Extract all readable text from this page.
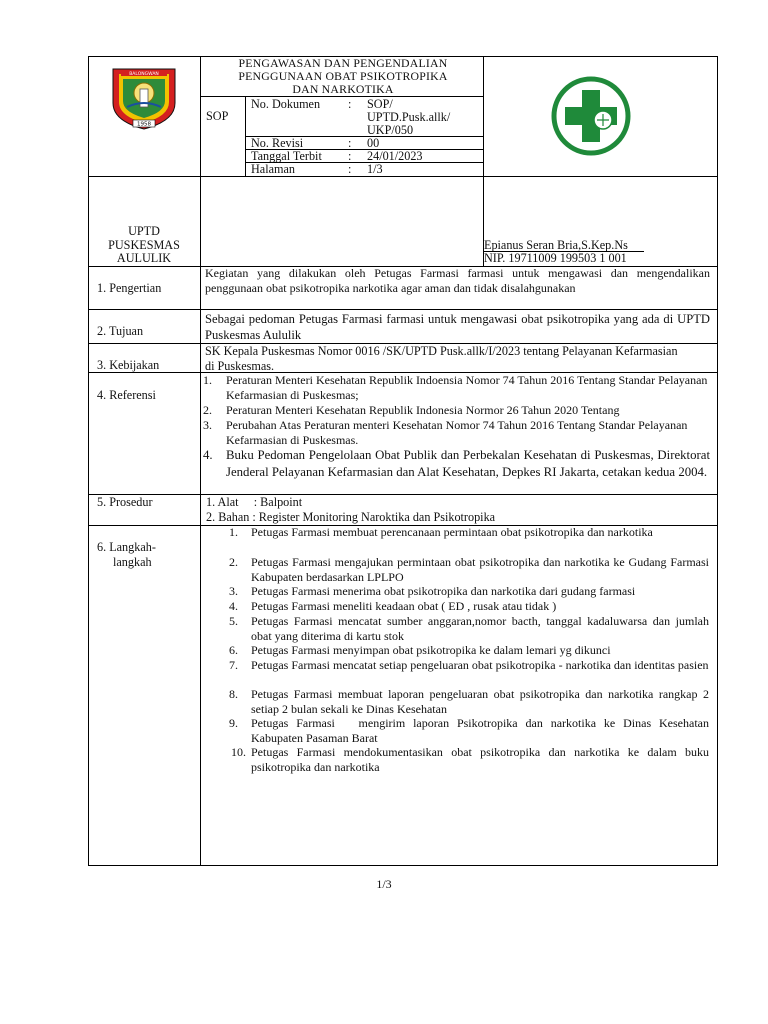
BALONGWAN
1958
PENGAWASAN DAN PENGENDALIAN
PENGGUNAAN OBAT PSIKOTROPIKA
DAN NARKOTIKA
SOP
No. Dokumen : SOP/
UPTD.Pusk.allk/
UKP/050
No. Revisi	: 00
Tanggal Terbit : 24/01/2023
Halaman	: 1/3
UPTD
PUSKESMAS
AULULIK
Epianus Seran Bria,S.Kep.Ns
NIP. 19711009 199503 1 001
1. Pengertian
Kegiatan yang dilakukan oleh Petugas Farmasi farmasi untuk mengawasi dan mengendalikan penggunaan obat psikotropika narkotika agar aman dan tidak disalahgunakan
2. Tujuan
Sebagai pedoman Petugas Farmasi farmasi untuk mengawasi obat psikotropika yang ada di UPTD Puskesmas Aululik
3. Kebijakan
SK Kepala Puskesmas Nomor 0016 /SK/UPTD Pusk.allk/I/2023 tentang Pelayanan Kefarmasian di Puskesmas.
4. Referensi
1. Peraturan Menteri Kesehatan Republik Indoensia Nomor 74 Tahun 2016 Tentang Standar Pelayanan Kefarmasian di Puskesmas;
2. Peraturan Menteri Kesehatan Republik Indonesia Normor 26 Tahun 2020 Tentang
3. Perubahan Atas Peraturan menteri Kesehatan Nomor 74 Tahun 2016 Tentang Standar Pelayanan Kefarmasian di Puskesmas.
4. Buku Pedoman Pengelolaan Obat Publik dan Perbekalan Kesehatan di Puskesmas, Direktorat Jenderal Pelayanan Kefarmasian dan Alat Kesehatan, Depkes RI Jakarta, cetakan kedua 2004.
5. Prosedur	1. Alat     : Balpoint
2. Bahan : Register Monitoring Naroktika dan Psikotropika
6. Langkah-
langkah
1. Petugas Farmasi membuat perencanaan permintaan obat psikotropika dan narkotika
2. Petugas Farmasi mengajukan permintaan obat psikotropika dan narkotika ke Gudang Farmasi Kabupaten berdasarkan LPLPO
3. Petugas Farmasi menerima obat psikotropika dan narkotika dari gudang farmasi
4. Petugas Farmasi meneliti keadaan obat ( ED , rusak atau tidak )
5. Petugas Farmasi mencatat sumber anggaran,nomor bacth, tanggal kadaluwarsa dan jumlah obat yang diterima di kartu stok
6. Petugas Farmasi menyimpan obat psikotropika ke dalam lemari yg dikunci
7. Petugas Farmasi mencatat setiap pengeluaran obat psikotropika - narkotika dan identitas pasien
8. Petugas Farmasi membuat laporan pengeluaran obat psikotropika dan narkotika rangkap 2 setiap 2 bulan sekali ke Dinas Kesehatan
9. Petugas Farmasi   mengirim laporan Psikotropika dan narkotika ke Dinas Kesehatan Kabupaten Pasaman Barat
10. Petugas Farmasi mendokumentasikan obat psikotropika dan narkotika ke dalam buku psikotropika dan narkotika
1/3
